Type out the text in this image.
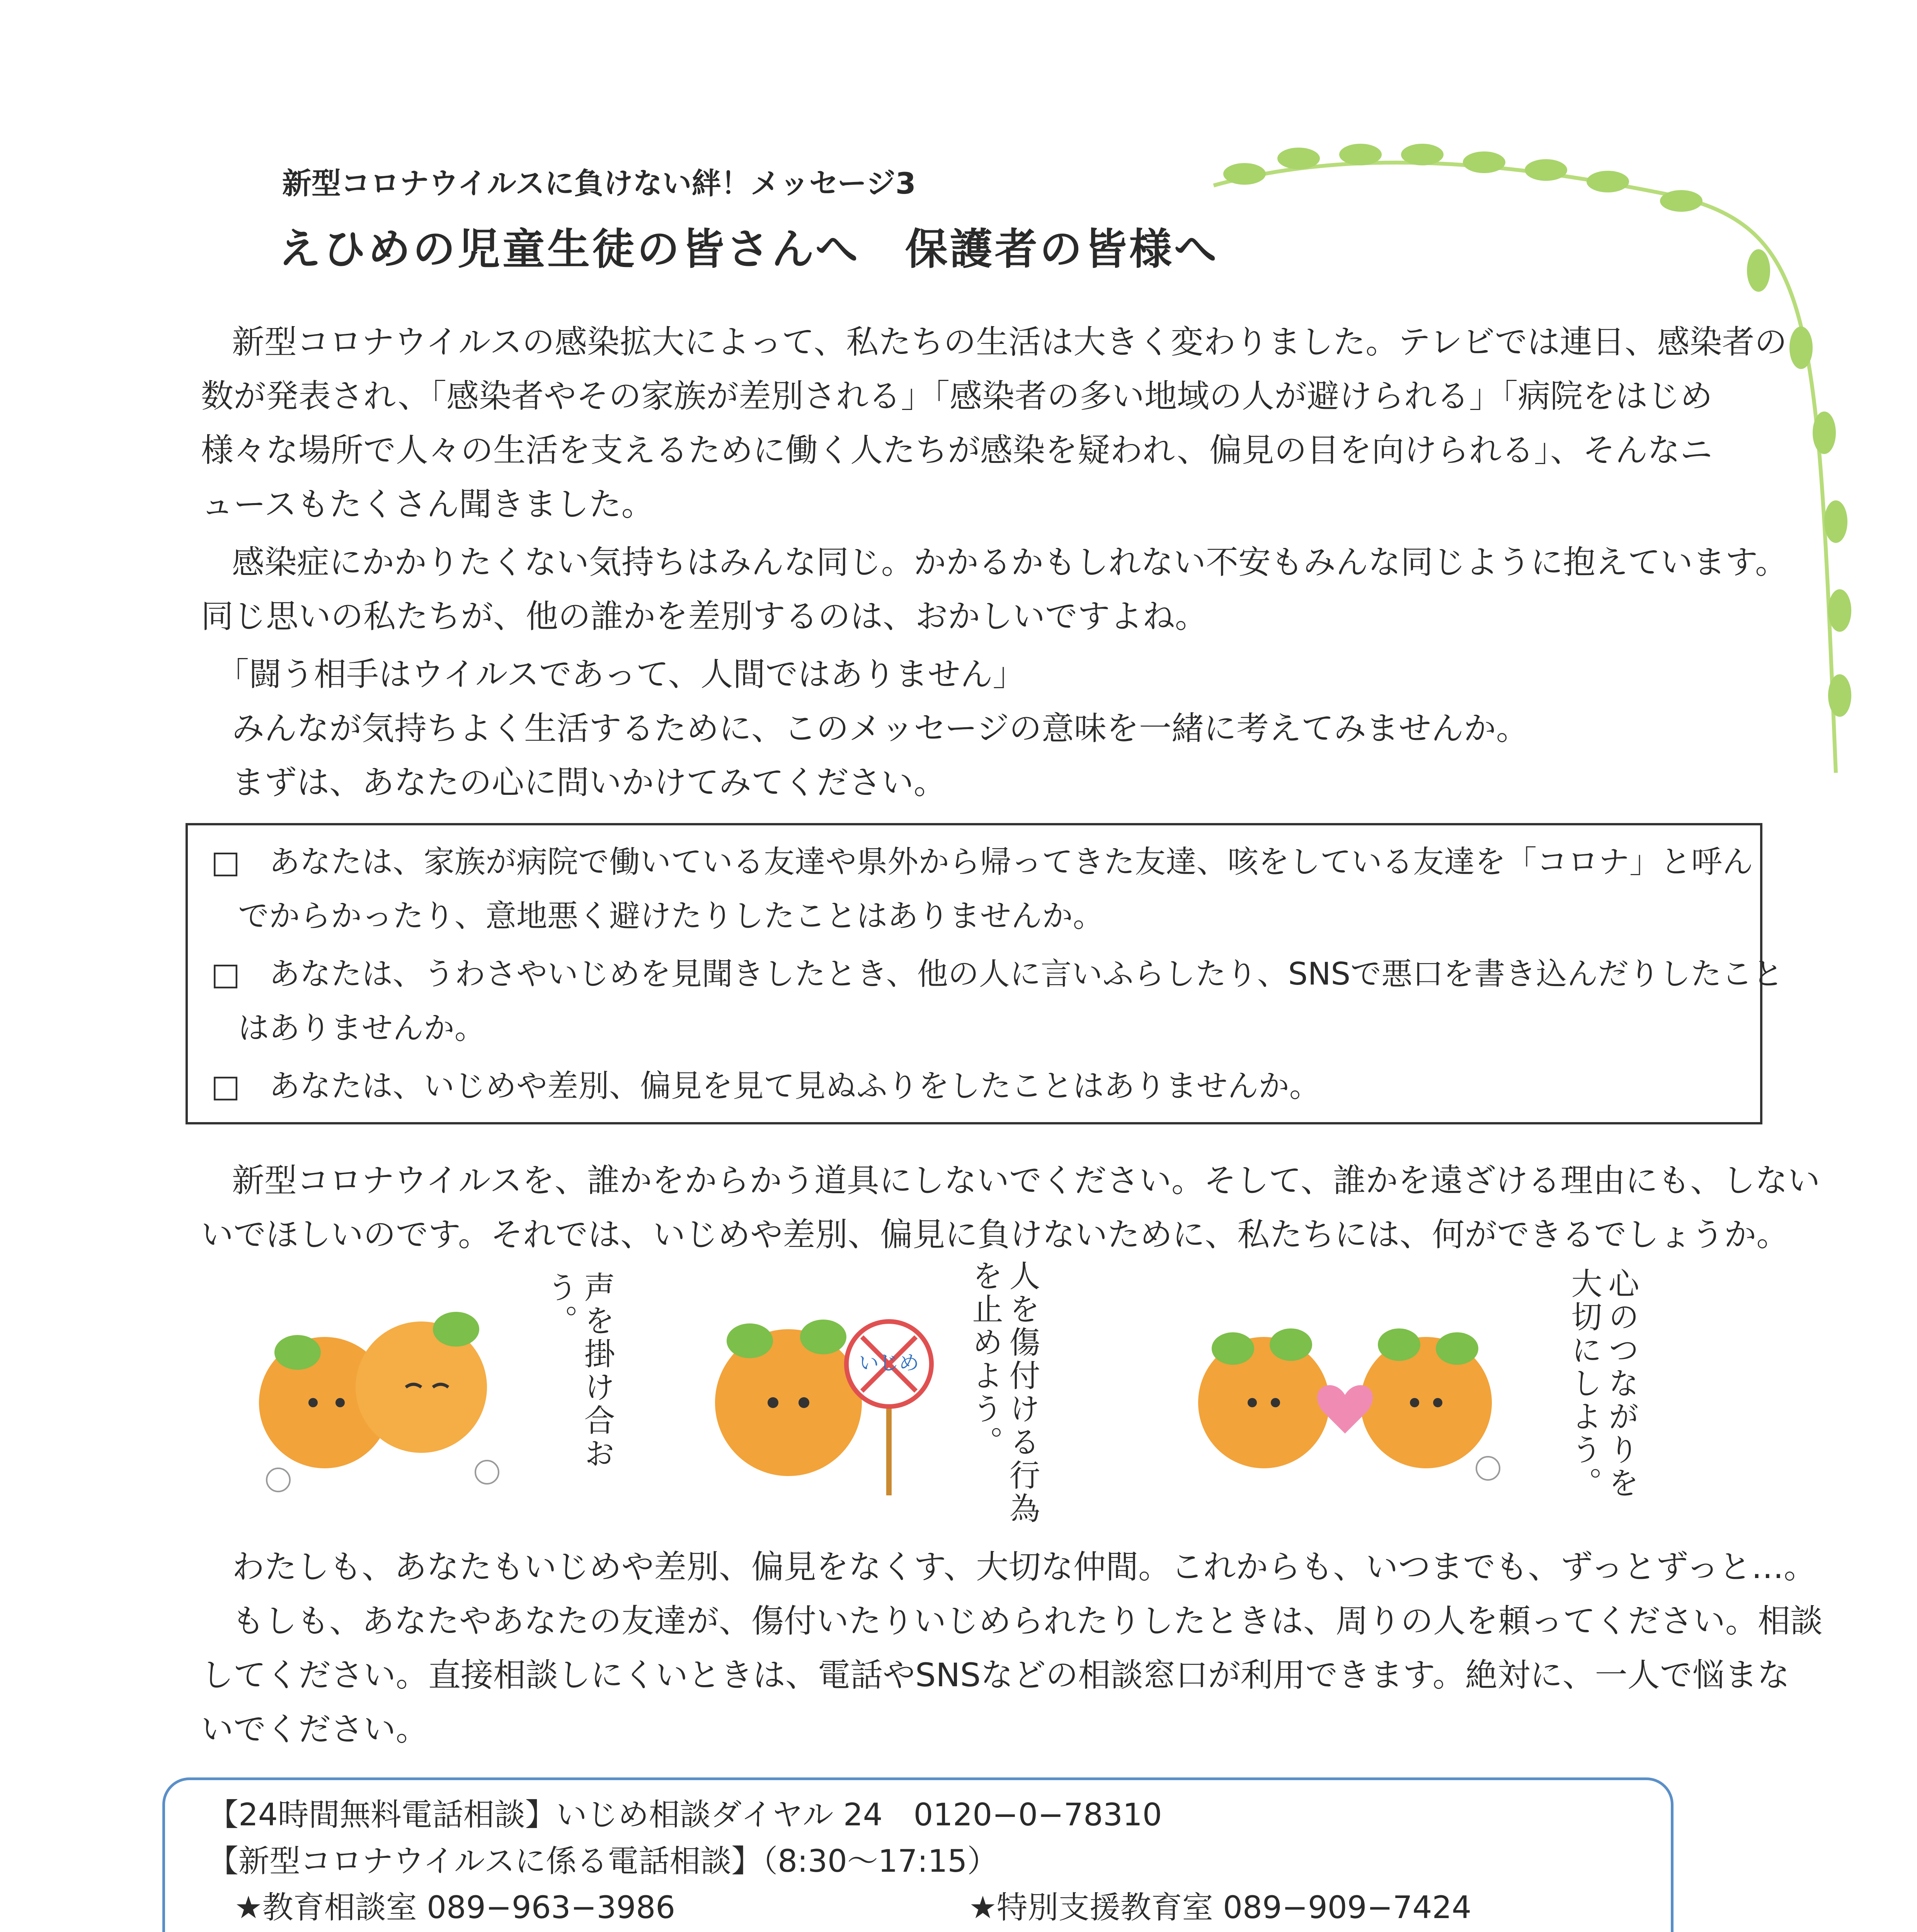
新型コロナウイルスに負けない絆！メッセージ3
えひめの児童生徒の皆さんへ　保護者の皆様へ
新型コロナウイルスの感染拡大によって、私たちの生活は大きく変わりました。テレビでは連日、感染者の
数が発表され、「感染者やその家族が差別される」「感染者の多い地域の人が避けられる」「病院をはじめ
様々な場所で人々の生活を支えるために働く人たちが感染を疑われ、偏見の目を向けられる」、そんなニ
ュースもたくさん聞きました。
感染症にかかりたくない気持ちはみんな同じ。かかるかもしれない不安もみんな同じように抱えています。
同じ思いの私たちが、他の誰かを差別するのは、おかしいですよね。
「闘う相手はウイルスであって、人間ではありません」
みんなが気持ちよく生活するために、このメッセージの意味を一緒に考えてみませんか。
まずは、あなたの心に問いかけてみてください。
□ あなたは、家族が病院で働いている友達や県外から帰ってきた友達、咳をしている友達を「コロナ」と呼ん
でからかったり、意地悪く避けたりしたことはありませんか。
□ あなたは、うわさやいじめを見聞きしたとき、他の人に言いふらしたり、SNSで悪口を書き込んだりしたこと
はありませんか。
□ あなたは、いじめや差別、偏見を見て見ぬふりをしたことはありませんか。
新型コロナウイルスを、誰かをからかう道具にしないでください。そして、誰かを遠ざける理由にも、しない
いでほしいのです。それでは、いじめや差別、偏見に負けないために、私たちには、何ができるでしょうか。
声を掛け合おう。
いじめ	人を傷付ける行為を止めよう。	心のつながりを大切にしよう。
わたしも、あなたもいじめや差別、偏見をなくす、大切な仲間。これからも、いつまでも、ずっとずっと…。
もしも、あなたやあなたの友達が、傷付いたりいじめられたりしたときは、周りの人を頼ってください。相談
してください。直接相談しにくいときは、電話やSNSなどの相談窓口が利用できます。絶対に、一人で悩まな
いでください。
【24時間無料電話相談】いじめ相談ダイヤル 24　0120−0−78310
【新型コロナウイルスに係る電話相談】（8:30〜17:15）
★教育相談室 089−963−3986	★特別支援教育室 089−909−7424
